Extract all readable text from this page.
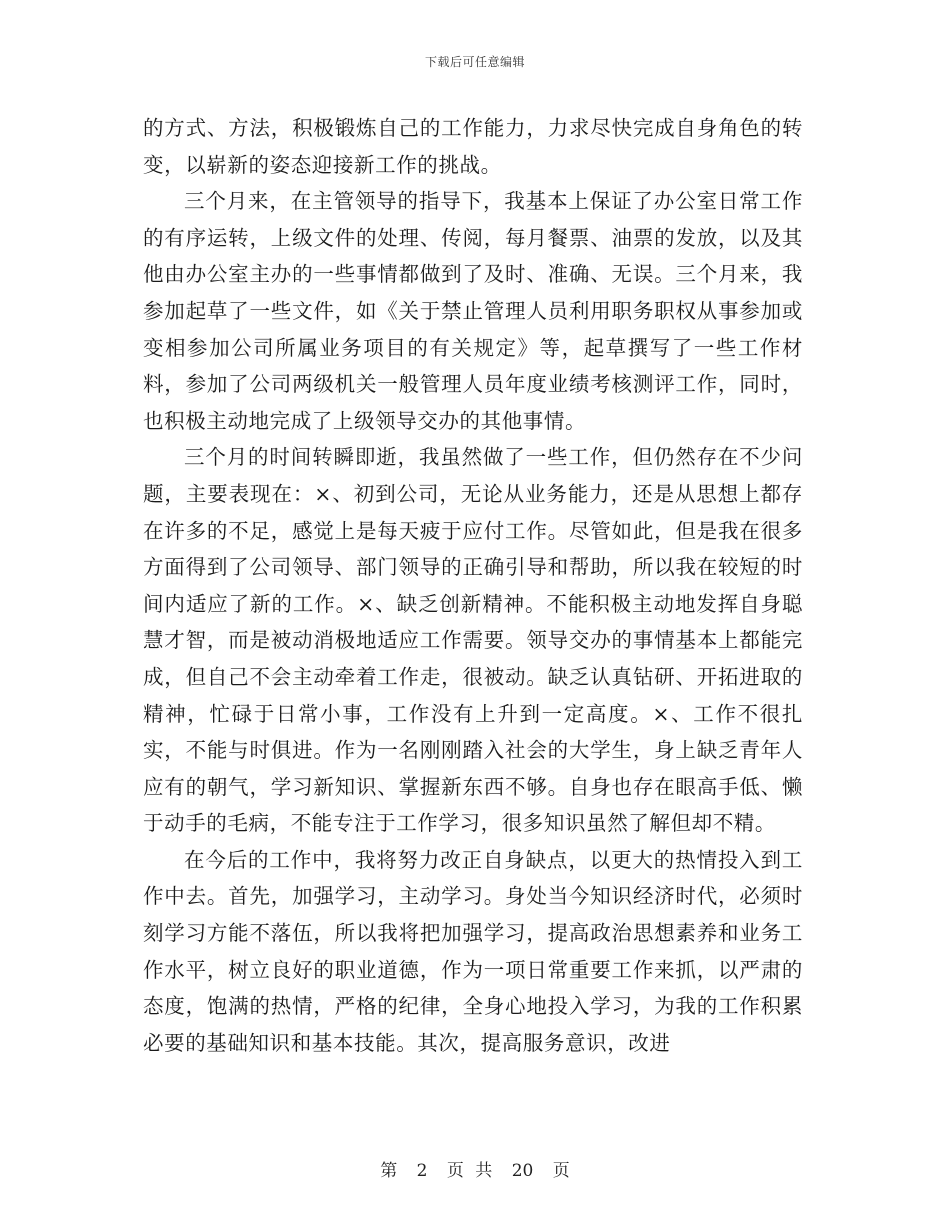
下载后可任意编辑

的方式、方法，积极锻炼自己的工作能力，力求尽快完成自身角色的转变，以崭新的姿态迎接新工作的挑战。

三个月来，在主管领导的指导下，我基本上保证了办公室日常工作的有序运转，上级文件的处理、传阅，每月餐票、油票的发放，以及其他由办公室主办的一些事情都做到了及时、准确、无误。三个月来，我参加起草了一些文件，如《关于禁止管理人员利用职务职权从事参加或变相参加公司所属业务项目的有关规定》等，起草撰写了一些工作材料，参加了公司两级机关一般管理人员年度业绩考核测评工作，同时，也积极主动地完成了上级领导交办的其他事情。

三个月的时间转瞬即逝，我虽然做了一些工作，但仍然存在不少问题，主要表现在：×、初到公司，无论从业务能力，还是从思想上都存在许多的不足，感觉上是每天疲于应付工作。尽管如此，但是我在很多方面得到了公司领导、部门领导的正确引导和帮助，所以我在较短的时间内适应了新的工作。×、缺乏创新精神。不能积极主动地发挥自身聪慧才智，而是被动消极地适应工作需要。领导交办的事情基本上都能完成，但自己不会主动牵着工作走，很被动。缺乏认真钻研、开拓进取的精神，忙碌于日常小事，工作没有上升到一定高度。×、工作不很扎实，不能与时俱进。作为一名刚刚踏入社会的大学生，身上缺乏青年人应有的朝气，学习新知识、掌握新东西不够。自身也存在眼高手低、懒于动手的毛病，不能专注于工作学习，很多知识虽然了解但却不精。

在今后的工作中，我将努力改正自身缺点，以更大的热情投入到工作中去。首先，加强学习，主动学习。身处当今知识经济时代，必须时刻学习方能不落伍，所以我将把加强学习，提高政治思想素养和业务工作水平，树立良好的职业道德，作为一项日常重要工作来抓，以严肃的态度，饱满的热情，严格的纪律，全身心地投入学习，为我的工作积累必要的基础知识和基本技能。其次，提高服务意识，改进

第 2 页 共 20 页
